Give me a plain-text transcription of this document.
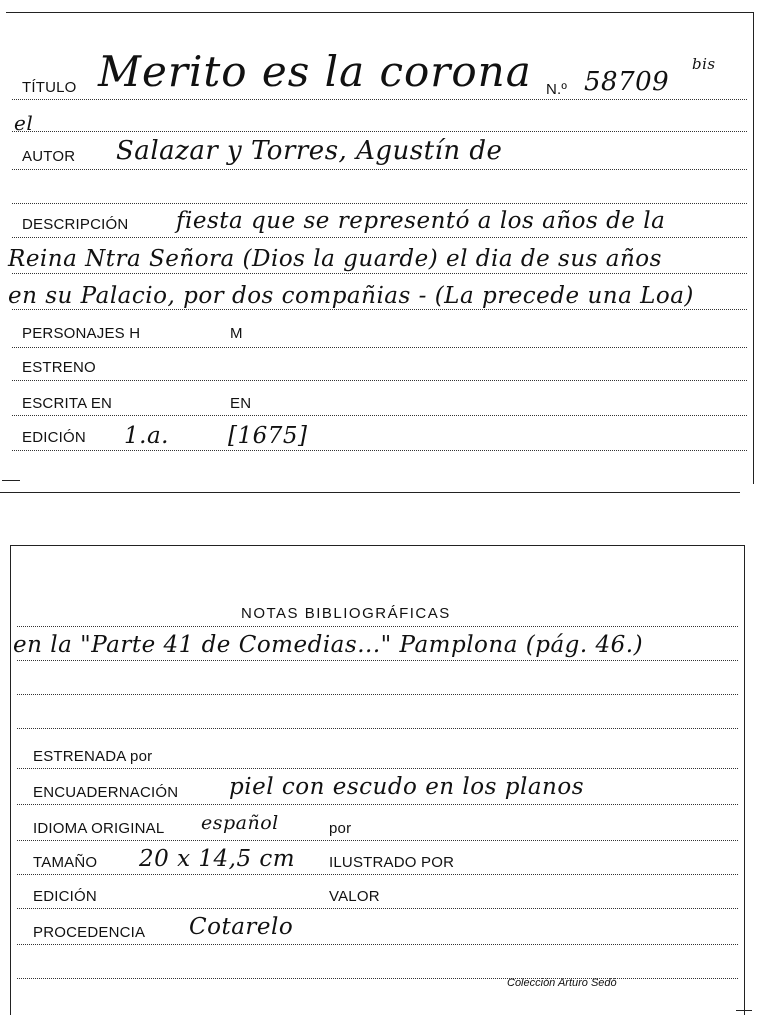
TÍTULO Merito es la corona N.º 58709
bis
el
AUTOR Salazar y Torres, Agustín de
DESCRIPCIÓN fiesta que se representó a los años de la
Reina Ntra Señora (Dios la guarde) el dia de sus años
en su Palacio, por dos compañias - (La precede una Loa)
PERSONAJES H	M
ESTRENO
ESCRITA EN	EN
EDICIÓN 1.a.	[1675]
NOTAS BIBLIOGRÁFICAS
en la "Parte 41 de Comedias..." Pamplona (pág. 46.)
ESTRENADA por
ENCUADERNACIÓN piel con escudo en los planos
IDIOMA ORIGINAL español	por
TAMAÑO 20 x 14,5 cm ILUSTRADO POR
EDICIÓN	VALOR
PROCEDENCIA Cotarelo
Colección Arturo Sedó
